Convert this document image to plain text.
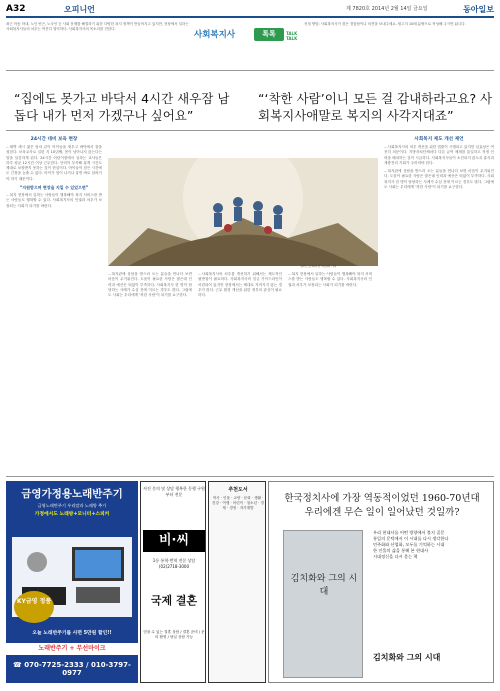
A32	오피니언	제 7820호 2014년 2월 14일 금요일	동아일보
최근 아동 학대, 노인 빈곤, 노숙인 등 사회 문제를 해결하기 위한 다양한 복지 정책이 만들어지고 있지만, 현장에서 일하는 사회복지사들의 처우는 여전히 열악하다. 사회복지사의 목소리를 전한다.
사회복지사	톡톡	TALK TALK
신청 방법: 사회복지사가 겪은 경험담이나 의견을 보내주세요. 원고지 10매 분량으로 작성해 주시면 됩니다.
“집에도 못가고 바닥서 4시간 새우잠 남 돕다 내가 먼저 가겠구나 싶어요”
“‘착한 사람’이니 모든 걸 감내하라고요? 사회복지사애말로 복지의 사각지대죠”
24시간 대비 보육 현장
…새벽 세시 젊은 엄마 같이 아이들을 재우고 바닥에서 잠을 청한다. 보육교사로 일한 지 10년째, 몸이 남아나지 않는다는 말을 실감하게 된다. 24시간 어린이집에서 일하는 교사들은 하루 평균 12시간 이상 근무한다. 인력이 부족해 휴게 시간도 제대로 보장받지 못하는 것이 현실이다. 아이들이 잠든 시간에도 긴장을 늦출 수 없다. 아이가 열이 나거나 울면 바로 달려가야 하기 때문이다.
“지원받으며 현장을 지킬 수 있었으면”
…복지 현장에서 일하는 사람들이 행복해야 복지 서비스를 받는 사람들도 행복할 수 있다. 사회복지사의 인권과 처우가 보장되는 사회가 되기를 바란다.
일러스트레이션 박초희 기자
…복지관에 상담을 받으러 오는 분들을 만나다 보면 마음이 무거워진다. 도움이 필요한 사람은 많은데 인력과 예산은 턱없이 부족하다. 사회복지사 한 명이 담당하는 사례가 수십 건에 이르는 경우도 많다. 그럼에도 사회는 우리에게 '착한 사람'이 되기를 요구한다.
…사회복지사의 처우를 개선하기 위해서는 제도적인 뒷받침이 필요하다. 사회복지사의 임금 가이드라인이 마련되어 있지만 현장에서는 제대로 지켜지지 않는 경우가 많다. 근무 환경 개선을 위한 정부의 관심이 필요하다.
…복지 현장에서 일하는 사람들이 행복해야 복지 서비스를 받는 사람들도 행복할 수 있다. 사회복지사의 인권과 처우가 보장되는 사회가 되기를 바란다.
사회복지 제도 개선 제언
…사회복지사의 처우 개선을 위한 법률이 시행되고 있지만 실효성은 여전히 의문이다. 지방자치단체마다 다른 급여 체계를 통일하고 적정 인력을 배치하는 것이 시급하다. 사회복지사들이 소진되지 않도록 휴식과 재충전의 기회가 주어져야 한다.
…복지관에 상담을 받으러 오는 분들을 만나다 보면 마음이 무거워진다. 도움이 필요한 사람은 많은데 인력과 예산은 턱없이 부족하다. 사회복지사 한 명이 담당하는 사례가 수십 건에 이르는 경우도 많다. 그럼에도 사회는 우리에게 '착한 사람'이 되기를 요구한다.
금영가정용노래반주기
금영노래반주기 우리말과 노래방 추가
가정에서도 노래방+모니터+스피커
KY금영 정품
오늘 노래반주기를 사면 5만원 할인!!
노래반주기 + 무선마이크
☎ 070-7725-2333 / 010-3797-0977
사진 문의 및 상담 행복한 동행 구원부터 전문
비·씨
1등 통역·번역 전문 상담 (02)2718-3000
국제 결혼
믿을 수 있는 결혼 상담 / 결혼 준비 / 문의 환영 / 당일 상담 가능
추천도서
역사 · 인물 · 교양 · 문화 · 생활 · 건강 · 여행 · 어린이 · 청소년 · 경제 · 경영 · 자기계발
한국정치사에 가장 역동적이었던 1960-70년대
우리에겐 무슨 일이 일어났던 것일까?
김치화와 그의 시대
우리 현대사를 어떤 방향에서 볼지 질문
통일의 문턱에서 이 시대를 다시 생각한다
민주화와 산업화, 모두를 기억하는 시대
한 인물의 삶을 통해 본 현대사
시대정신을 다시 묻는 책
김치화와 그의 시대
